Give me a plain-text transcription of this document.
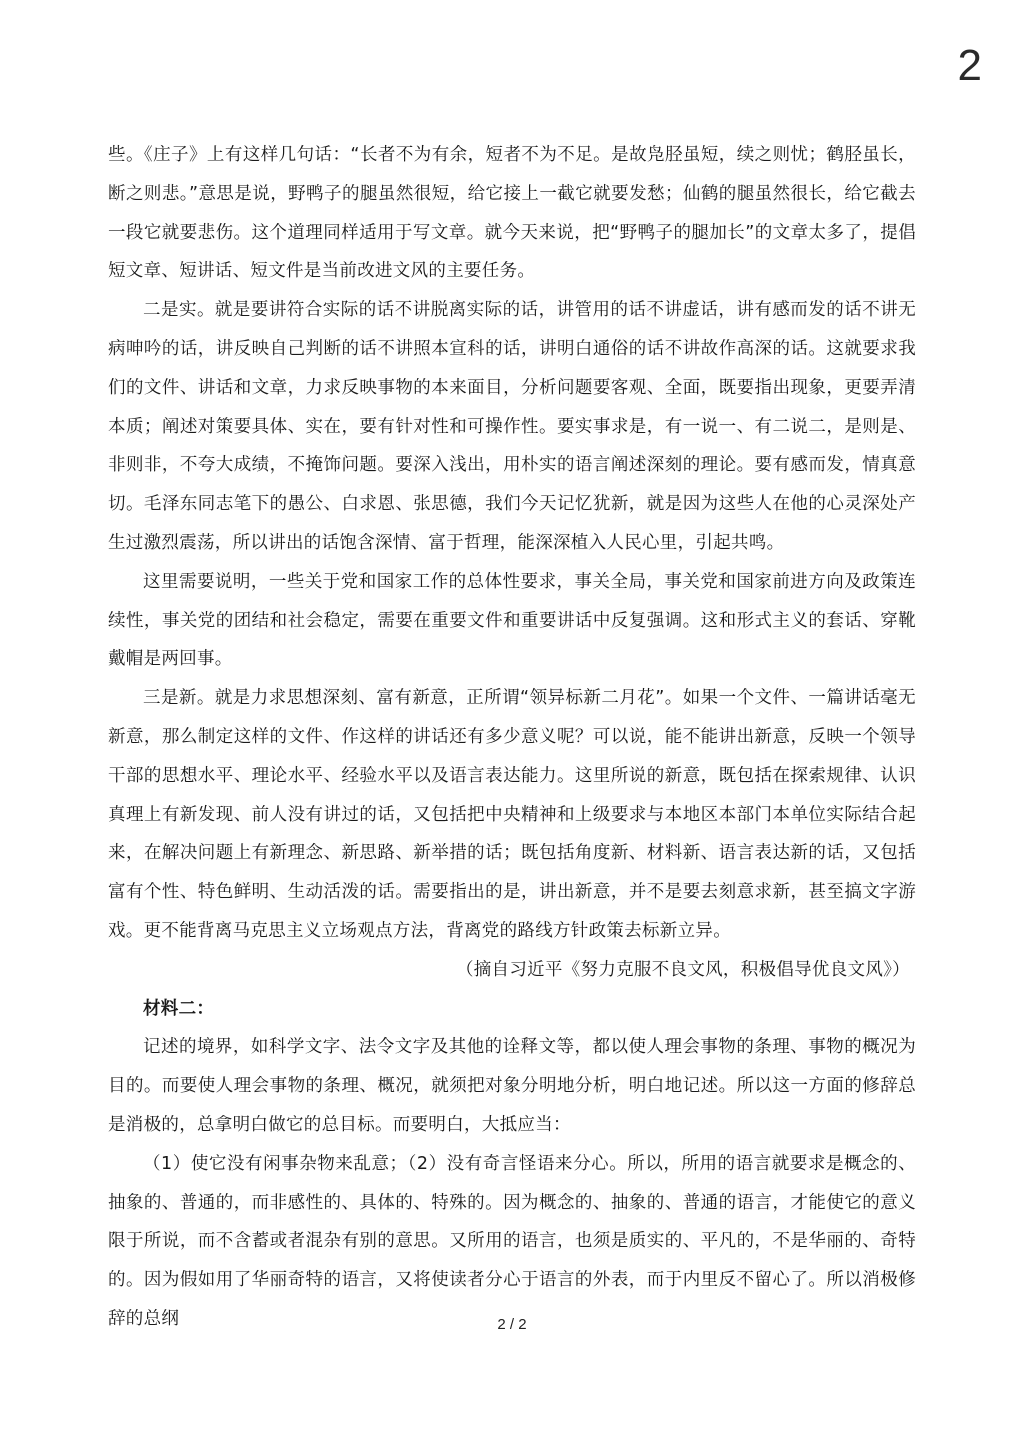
2

些。《庄子》上有这样几句话：“长者不为有余，短者不为不足。是故凫胫虽短，续之则忧；鹤胫虽长，断之则悲。”意思是说，野鸭子的腿虽然很短，给它接上一截它就要发愁；仙鹤的腿虽然很长，给它截去一段它就要悲伤。这个道理同样适用于写文章。就今天来说，把“野鸭子的腿加长”的文章太多了，提倡短文章、短讲话、短文件是当前改进文风的主要任务。

二是实。就是要讲符合实际的话不讲脱离实际的话，讲管用的话不讲虚话，讲有感而发的话不讲无病呻吟的话，讲反映自己判断的话不讲照本宣科的话，讲明白通俗的话不讲故作高深的话。这就要求我们的文件、讲话和文章，力求反映事物的本来面目，分析问题要客观、全面，既要指出现象，更要弄清本质；阐述对策要具体、实在，要有针对性和可操作性。要实事求是，有一说一、有二说二，是则是、非则非，不夸大成绩，不掩饰问题。要深入浅出，用朴实的语言阐述深刻的理论。要有感而发，情真意切。毛泽东同志笔下的愚公、白求恩、张思德，我们今天记忆犹新，就是因为这些人在他的心灵深处产生过激烈震荡，所以讲出的话饱含深情、富于哲理，能深深植入人民心里，引起共鸣。

这里需要说明，一些关于党和国家工作的总体性要求，事关全局，事关党和国家前进方向及政策连续性，事关党的团结和社会稳定，需要在重要文件和重要讲话中反复强调。这和形式主义的套话、穿靴戴帽是两回事。

三是新。就是力求思想深刻、富有新意，正所谓“领异标新二月花”。如果一个文件、一篇讲话毫无新意，那么制定这样的文件、作这样的讲话还有多少意义呢？可以说，能不能讲出新意，反映一个领导干部的思想水平、理论水平、经验水平以及语言表达能力。这里所说的新意，既包括在探索规律、认识真理上有新发现、前人没有讲过的话，又包括把中央精神和上级要求与本地区本部门本单位实际结合起来，在解决问题上有新理念、新思路、新举措的话；既包括角度新、材料新、语言表达新的话，又包括富有个性、特色鲜明、生动活泼的话。需要指出的是，讲出新意，并不是要去刻意求新，甚至搞文字游戏。更不能背离马克思主义立场观点方法，背离党的路线方针政策去标新立异。

（摘自习近平《努力克服不良文风，积极倡导优良文风》）

材料二：

记述的境界，如科学文字、法令文字及其他的诠释文等，都以使人理会事物的条理、事物的概况为目的。而要使人理会事物的条理、概况，就须把对象分明地分析，明白地记述。所以这一方面的修辞总是消极的，总拿明白做它的总目标。而要明白，大抵应当：

（1）使它没有闲事杂物来乱意；（2）没有奇言怪语来分心。所以，所用的语言就要求是概念的、抽象的、普通的，而非感性的、具体的、特殊的。因为概念的、抽象的、普通的语言，才能使它的意义限于所说，而不含蓄或者混杂有别的意思。又所用的语言，也须是质实的、平凡的，不是华丽的、奇特的。因为假如用了华丽奇特的语言，又将使读者分心于语言的外表，而于内里反不留心了。所以消极修辞的总纲	2 / 2
